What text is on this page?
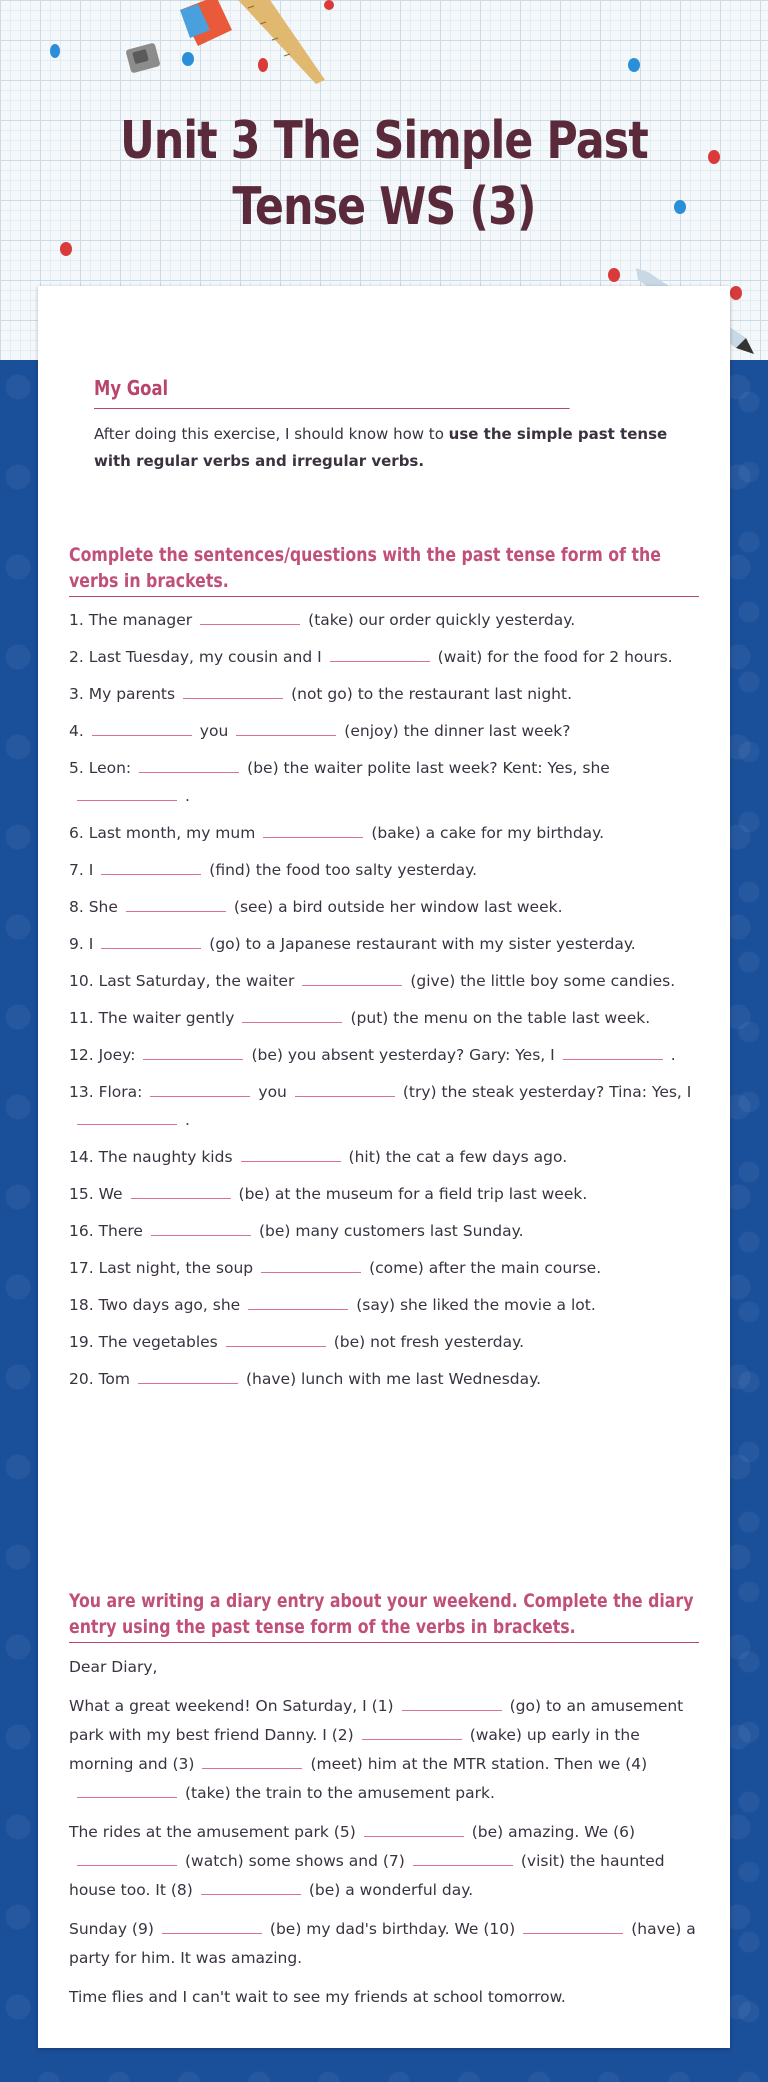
Unit 3 The Simple Past Tense WS (3)
My Goal
After doing this exercise, I should know how to use the simple past tense with regular verbs and irregular verbs.
Complete the sentences/questions with the past tense form of the verbs in brackets.
1. The manager	(take) our order quickly yesterday.
2. Last Tuesday, my cousin and I	(wait) for the food for 2 hours.
3. My parents	(not go) to the restaurant last night.
4.	you	(enjoy) the dinner last week?
5. Leon:	(be) the waiter polite last week? Kent: Yes, she.
6. Last month, my mum	(bake) a cake for my birthday.
7. I	(find) the food too salty yesterday.
8. She	(see) a bird outside her window last week.
9. I	(go) to a Japanese restaurant with my sister yesterday.
10. Last Saturday, the waiter	(give) the little boy some candies.
11. The waiter gently	(put) the menu on the table last week.
12. Joey:	(be) you absent yesterday? Gary: Yes, I	.
13. Flora:	you	(try) the steak yesterday? Tina: Yes, I.
14. The naughty kids	(hit) the cat a few days ago.
15. We	(be) at the museum for a field trip last week.
16. There	(be) many customers last Sunday.
17. Last night, the soup	(come) after the main course.
18. Two days ago, she	(say) she liked the movie a lot.
19. The vegetables	(be) not fresh yesterday.
20. Tom	(have) lunch with me last Wednesday.
You are writing a diary entry about your weekend. Complete the diary entry using the past tense form of the verbs in brackets.
Dear Diary,
What a great weekend! On Saturday, I (1)	(go) to an amusement park with my best friend Danny. I (2)	(wake) up early in the morning and (3)	(meet) him at the MTR station. Then we (4)(take) the train to the amusement park.
The rides at the amusement park (5)	(be) amazing. We (6)(watch) some shows and (7)	(visit) the haunted house too. It (8)	(be) a wonderful day.
Sunday (9)	(be) my dad's birthday. We (10)	(have) a party for him. It was amazing.
Time flies and I can't wait to see my friends at school tomorrow.
